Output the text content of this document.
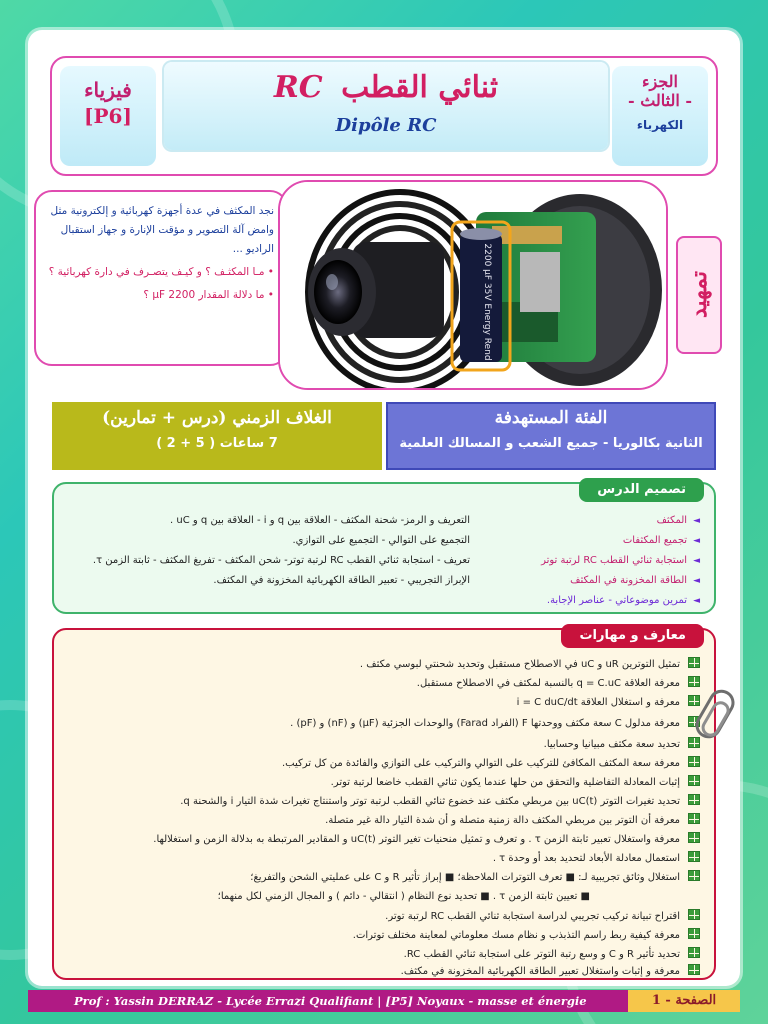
فيزياء
[P6]
ثنائي القطب RC
Dipôle RC
الجزء
- الثالث -
الكهرباء
نجد المكثف في عدة أجهزة كهربائية و إلكترونية مثل وامض آلة التصوير و مؤقت الإنارة و جهاز استقبال الراديو ...
• مـا المكثـف ؟ و كيـف يتصـرف في دارة كهربائية ؟
• ما دلالة المقدار 2200 µF ؟	2200 µF 35V Energy Rend	تمهيد
الغلاف الزمني (درس + تمارين)
7 ساعات ( 5 + 2 )
الفئة المستهدفة
الثانية بكالوريا - جميع الشعب و المسالك العلمية
تصميم الدرس
◄ المكثف
التعريف و الرمز- شحنة المكثف - العلاقة بين q و i - العلاقة بين q و uC .
◄ تجميع المكثفات
التجميع على التوالي - التجميع على التوازي.
◄ استجابة ثنائي القطب RC لرتبة توتر
تعريف - استجابة ثنائي القطب RC لرتبة توتر- شحن المكثف - تفريغ المكثف - ثابتة الزمن τ.
◄ الطاقة المخزونة في المكثف
الإبراز التجريبي - تعبير الطاقة الكهربائية المخزونة في المكثف.
◄ تمرين موضوعاتي - عناصر الإجابة.
معارف و مهارات
تمثيل التوترين uR و uC في الاصطلاح مستقبل وتحديد شحنتي لبوسي مكثف .
معرفة العلاقة q = C.uC بالنسبة لمكثف في الاصطلاح مستقبل.
معرفة و استغلال العلاقة i = C duC/dt
معرفة مدلول C سعة مكثف ووحدتها F (الفراد Farad) والوحدات الجزئية (µF) و (nF) و (pF) .
تحديد سعة مكثف مبيانيا وحسابيا.
معرفة سعة المكثف المكافئ للتركيب على التوالي والتركيب على التوازي والفائدة من كل تركيب.
إثبات المعادلة التفاضلية والتحقق من حلها عندما يكون ثنائي القطب خاضعا لرتبة توتر.
تحديد تغيرات التوتر uC(t) بين مربطي مكثف عند خضوع ثنائي القطب لرتبة توتر واستنتاج تغيرات شدة التيار i والشحنة q.
معرفة أن التوتر بين مربطي المكثف دالة زمنية متصلة و أن شدة التيار دالة غير متصلة.
معرفة واستغلال تعبير ثابتة الزمن τ . و تعرف و تمثيل منحنيات تغير التوتر uC(t) و المقادير المرتبطة به بدلالة الزمن و استغلالها.
استعمال معادلة الأبعاد لتحديد بعد أو وحدة τ .
استغلال وثائق تجريبية لـ: ■ تعرف التوترات الملاحظة؛ ■ إبراز تأثير R و C على عمليتي الشحن والتفريغ؛
■ تعيين ثابتة الزمن τ . ■ تحديد نوع النظام ( انتقالي - دائم ) و المجال الزمني لكل منهما؛
اقتراح تبيانة تركيب تجريبي لدراسة استجابة ثنائي القطب RC لرتبة توتر.
معرفة كيفية ربط راسم التذبذب و نظام مسك معلوماتي لمعاينة مختلف توترات.
تحديد تأثير R و C و وسع رتبة التوتر على استجابة ثنائي القطب RC.
معرفة و إثبات واستغلال تعبير الطاقة الكهربائية المخزونة في مكثف.
Prof : Yassin DERRAZ - Lycée Errazi Qualifiant | [P5] Noyaux - masse et énergie	الصفحة - 1
